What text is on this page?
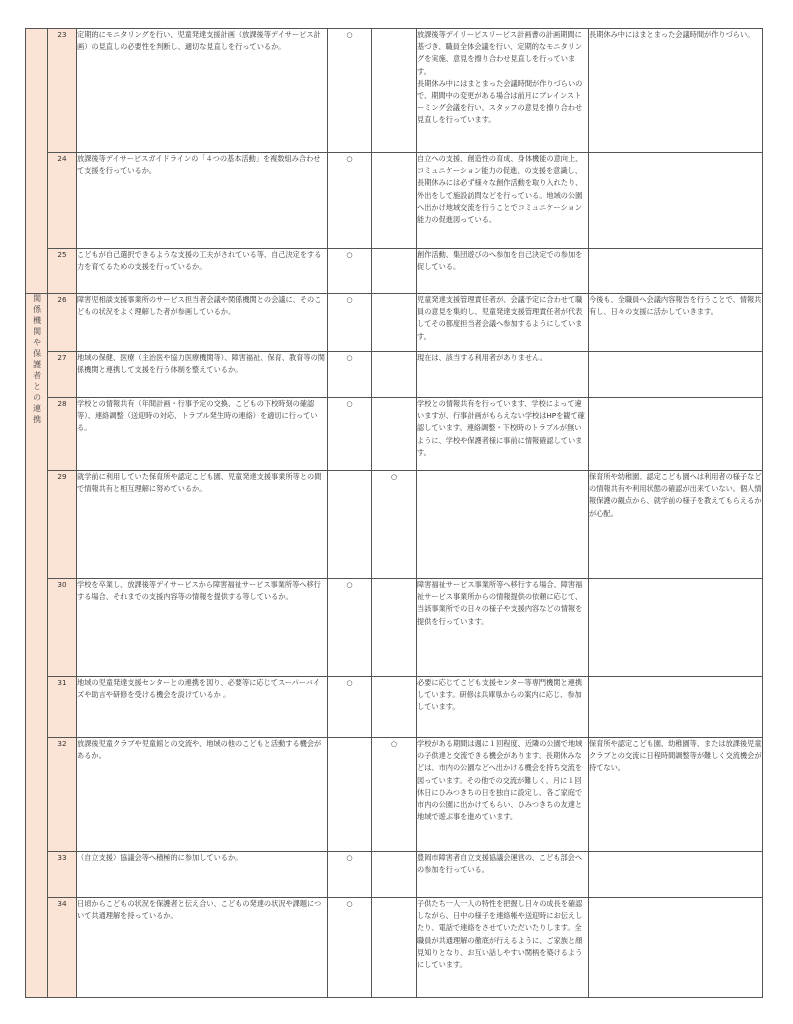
	23	定期的にモニタリングを行い、児童発達支援計画（放課後等デイサービス計画）の見直しの必要性を判断し、適切な見直しを行っているか。	○		放課後等デイリービスリービス計画書の計画期間に基づき、職員全体会議を行い、定期的なモニタリングを実施、意見を擦り合わせ見直しを行っています。
長期休み中にはまとまった会議時間が作りづらいので、期間中の変更がある場合は前月にブレインストーミング会議を行い、スタッフの意見を擦り合わせ見直しを行っています。	長期休み中にはまとまった会議時間が作りづらい。
	24	放課後等デイサービスガイドラインの「４つの基本活動」を複数組み合わせて支援を行っているか。	○		自立への支援、創造性の育成、身体機能の意向上、コミュニケーション能力の促進、の支援を意識し、長期休みには必ず様々な創作活動を取り入れたり、外出をして施設訪問などを行っている。地域の公園へ出かけ地域交流を行うことでコミュニケーション能力の促進図っている。	
	25	こどもが自己選択できるような支援の工夫がされている等、自己決定をする力を育てるための支援を行っているか。	○		創作活動、集団遊びのへ参加を自己決定での参加を促している。	
関係機関や保護者との連携	26	障害児相談支援事業所のサービス担当者会議や関係機関との会議に、そのこどもの状況をよく理解した者が参画しているか。	○		児童発達支援管理責任者が、会議予定に合わせて職員の意見を集約し、児童発達支援管理責任者が代表してその都度担当者会議へ参加するようにしています。	今後も、全職員へ会議内容報告を行うことで、情報共有し、日々の支援に活かしていきます。
	27	地域の保健、医療（主治医や協力医療機関等）、障害福祉、保育、教育等の関係機関と連携して支援を行う体制を整えているか。	○		現在は、該当する利用者がありません。	
	28	学校との情報共有（年間計画・行事予定の交換、こどもの下校時刻の確認等）、連絡調整（送迎時の対応、トラブル発生時の連絡）を適切に行っている。	○		学校との情報共有を行っています、学校によって違いますが、行事計画がもらえない学校はHPを観て確認しています。連絡調整・下校時のトラブルが無いように、学校や保護者様に事前に情報確認しています。	
	29	就学前に利用していた保育所や認定こども園、児童発達支援事業所等との間で情報共有と相互理解に努めているか。		○		保育所や幼稚園、認定こども園へは利用者の様子などの情報共有や利用状態の確認が出来ていない。個人情報保護の観点から、就学前の様子を教えてもらえるかが心配。
	30	学校を卒業し、放課後等デイサービスから障害福祉サービス事業所等へ移行する場合、それまでの支援内容等の情報を提供する等しているか。	○		障害福祉サービス事業所等へ移行する場合、障害福祉サービス事業所からの情報提供の依頼に応じて、当該事業所での日々の様子や支援内容などの情報を提供を行っています。	
	31	地域の児童発達支援センターとの連携を図り、必要等に応じてスーパーバイズや助言や研修を受ける機会を設けているか 。	○		必要に応じてこども支援センター等専門機関と連携しています。研修は兵庫県からの案内に応じ、参加しています。	
	32	放課後児童クラブや児童館との交流や、地域の他のこどもと活動する機会があるか。		○	学校がある期間は週に１回程度、近隣の公園で地域の子供達と交流できる機会があります、長期休みなどは、市内の公園などへ出かける機会を持ち交流を図っています。その他での交流が難しく、月に１回休日にひみつきちの日を独自に設定し、各ご家庭で市内の公園に出かけてもらい、ひみつきちの友達と地域で遊ぶ事を進めています。	保育所や認定こども園、幼稚園等、または放課後児童クラブとの交流に日程時間調整等が難しく交流機会が持てない。
	33	（自立支援）協議会等へ積極的に参加しているか。	○		豊岡市障害者自立支援協議会運営の、こども部会への参加を行っている。	
	34	日頃からこどもの状況を保護者と伝え合い、こどもの発達の状況や課題について共通理解を持っているか。	○		子供たち一人一人の特性を把握し日々の成長を確認しながら、日中の様子を連絡帳や送迎時にお伝えしたり、電話で連絡をさせていただいたりします。全職員が共通理解の徹底が行えるように、ご家族と顔見知りとなり、お互い話しやすい関柄を築けるようにしています。	
